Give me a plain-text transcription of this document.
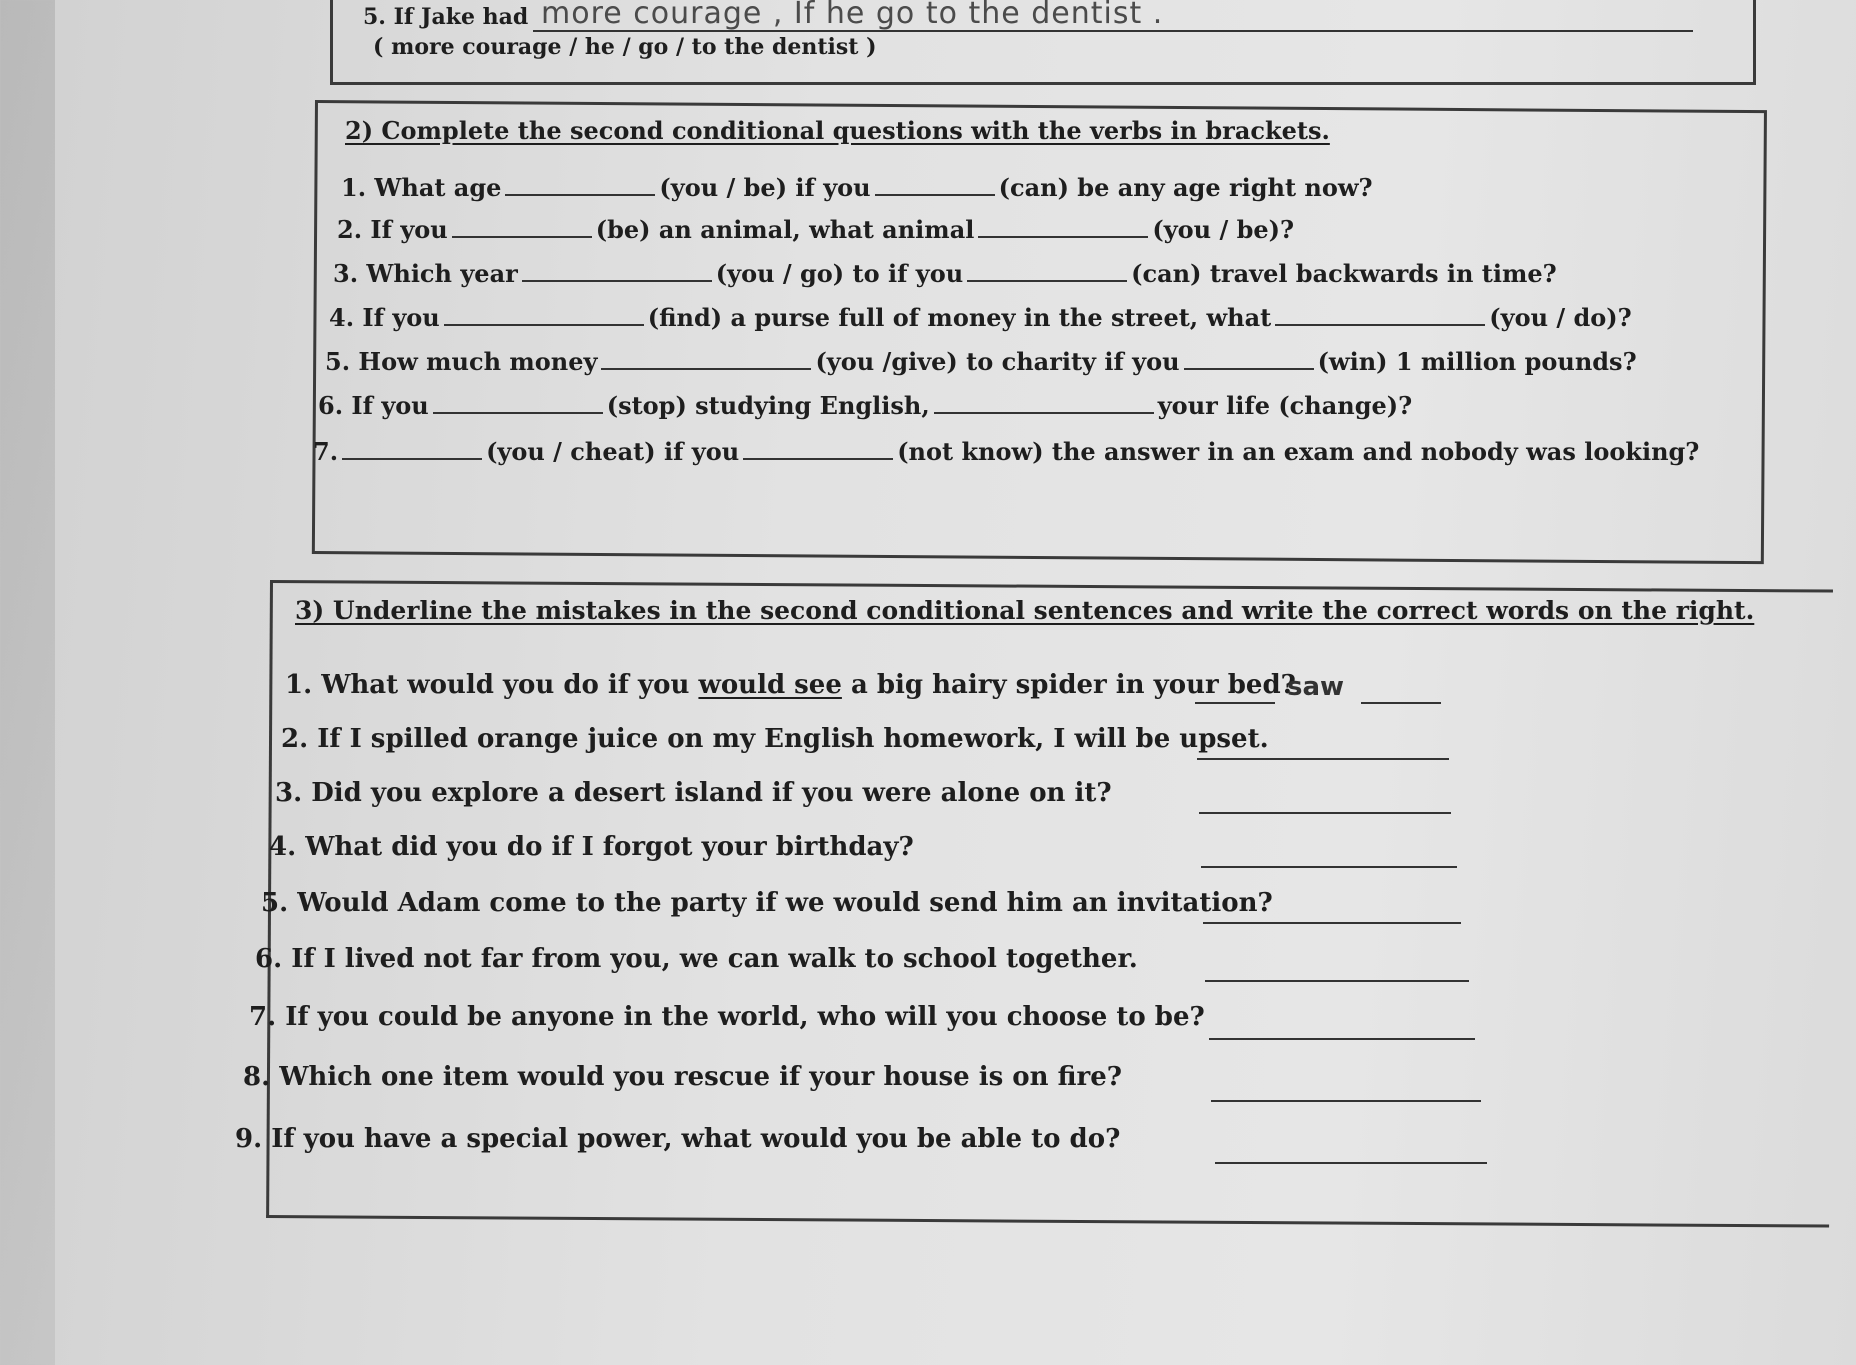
5. If Jake had more courage , If he go to the dentist .
( more courage / he / go / to the dentist )
2) Complete the second conditional questions with the verbs in brackets.
1. What age	(you / be) if you	(can) be any age right now?
2. If you	(be) an animal, what animal	(you / be)?
3. Which year	(you / go) to if you	(can) travel backwards in time?
4. If you	(find) a purse full of money in the street, what	(you / do)?
5. How much money	(you /give) to charity if you	(win) 1 million pounds?
6. If you	(stop) studying English,	your life (change)?
7.	(you / cheat) if you	(not know) the answer in an exam and nobody was looking?
3) Underline the mistakes in the second conditional sentences and write the correct words on the right.
1. What would you do if you would see a big hairy spider in your bed?
saw
2. If I spilled orange juice on my English homework, I will be upset.
3. Did you explore a desert island if you were alone on it?
4. What did you do if I forgot your birthday?
5. Would Adam come to the party if we would send him an invitation?
6. If I lived not far from you, we can walk to school together.
7. If you could be anyone in the world, who will you choose to be?
8. Which one item would you rescue if your house is on fire?
9. If you have a special power, what would you be able to do?
